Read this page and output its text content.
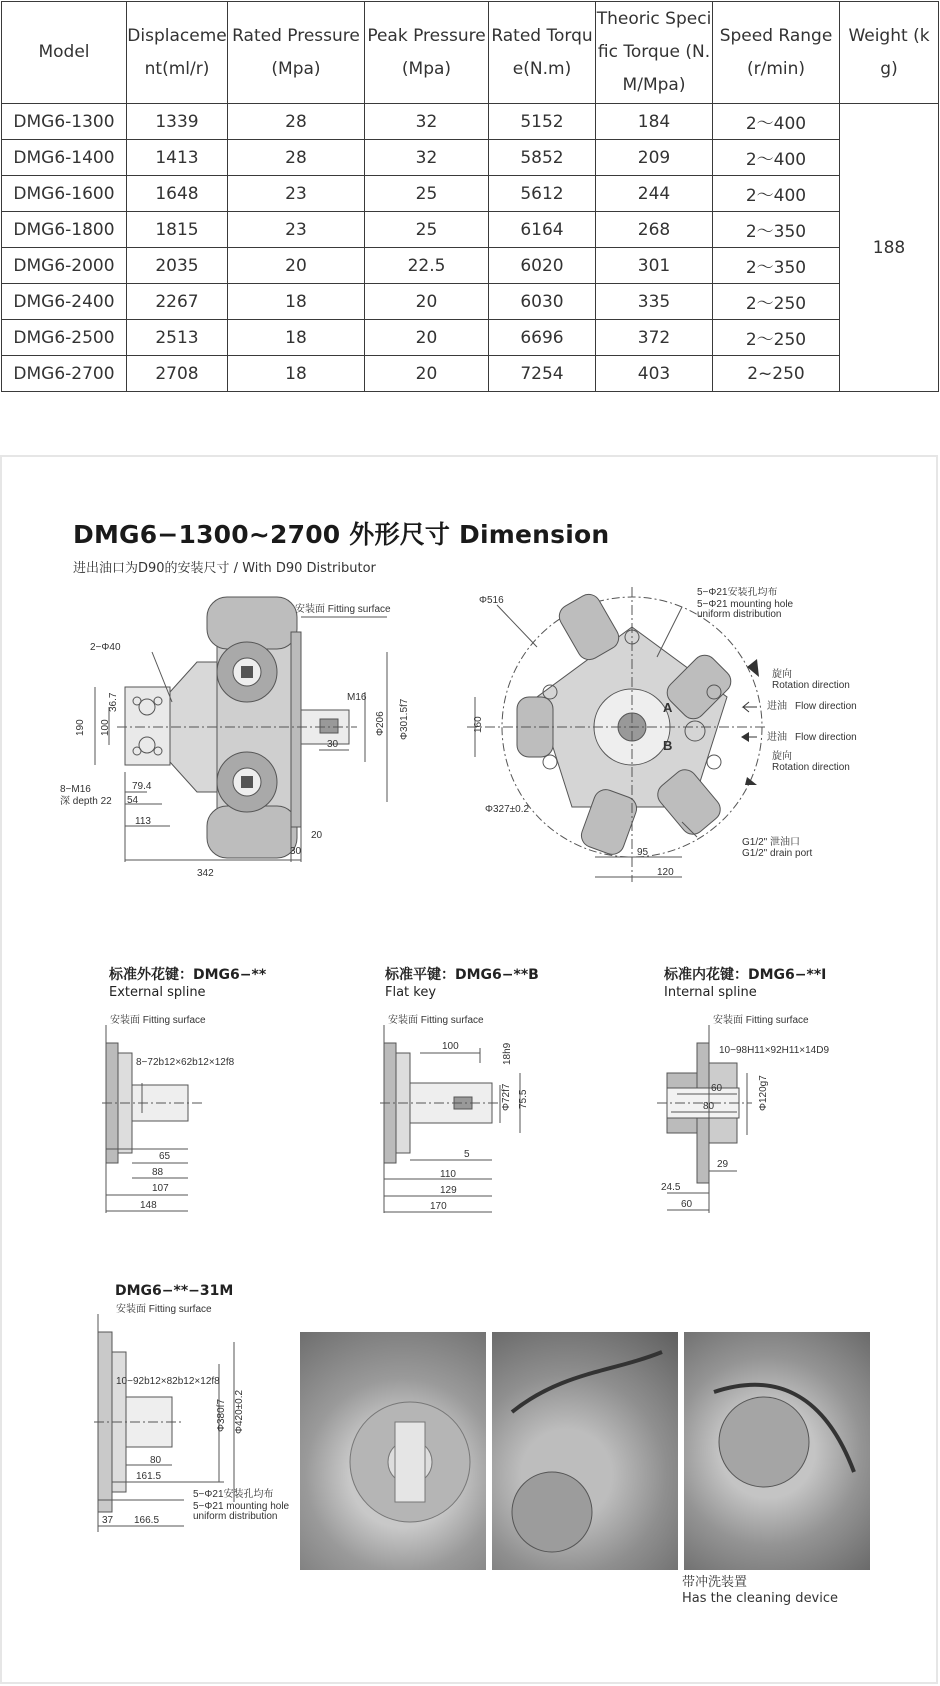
Model	Displacement(ml/r)	Rated Pressure(Mpa)	Peak Pressure(Mpa)	Rated Torque(N.m)	Theoric Specific Torque (N.M/Mpa)	Speed Range(r/min)	Weight (kg)
DMG6-1300	1339	28	32	5152	184	2～400	188
DMG6-1400	1413	28	32	5852	209	2～400	
DMG6-1600	1648	23	25	5612	244	2～400	
DMG6-1800	1815	23	25	6164	268	2～350	
DMG6-2000	2035	20	22.5	6020	301	2～350	
DMG6-2400	2267	18	20	6030	335	2～250	
DMG6-2500	2513	18	20	6696	372	2～250	
DMG6-2700	2708	18	20	7254	403	2~250	
DMG6−1300~2700 外形尺寸 Dimension
进出油口为D90的安装尺寸 / With D90 Distributor
安装面 Fitting surface
2−Φ40
8−M16
深 depth 22
M16
190 100
36.7
79.4
54
113
342
30
20
30
Φ206 Φ301.5f7
Φ516
5−Φ21安装孔均布
5−Φ21 mounting hole
uniform distribution
旋向
Rotation direction
进油 Flow direction
进油 Flow direction
旋向
Rotation direction
A
B
G1/2" 泄油口
G1/2" drain port
160
Φ327±0.2
95
120
标准外花键：DMG6−**
External spline
标准平键：DMG6−**B
Flat key
标准内花键：DMG6−**I
Internal spline
安装面 Fitting surface
8−72b12×62b12×12f8
65
88
107
148
安装面 Fitting surface
100	18h9
Φ72f7 75.5
5
110
129
170
安装面 Fitting surface
10−98H11×92H11×14D9
60
80	Φ120g7
29
24.5
60
DMG6−**−31M
安装面 Fitting surface
10−92b12×82b12×12f8
Φ380f7 Φ420±0.2
80
161.5
5−Φ21安装孔均布
5−Φ21 mounting hole
uniform distribution
37 166.5
带冲洗装置
Has the cleaning device
